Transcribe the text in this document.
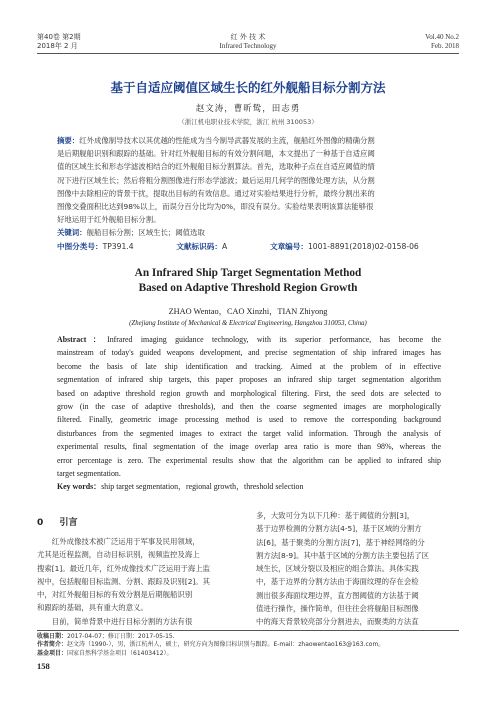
第40卷 第2期
2018年 2 月
红 外 技 术
Infrared Technology
Vol.40 No.2
Feb. 2018
基于自适应阈值区域生长的红外舰船目标分割方法
赵文涛，曹昕鸷，田志勇
（浙江机电职业技术学院，浙江 杭州 310053）
摘要：红外成像制导技术以其优越的性能成为当今制导武器发展的主流，舰船红外图像的精确分割
是后期舰船识别和跟踪的基础。针对红外舰船目标的有效分割问题，本文提出了一种基于自适应阈
值的区域生长和形态学滤波相结合的红外舰船目标分割算法。首先，选取种子点在自适应阈值的情
况下进行区域生长；然后将粗分割图像进行形态学滤波；最后运用几何学的图像处理方法，从分割
图像中去除相应的背景干扰，提取出目标的有效信息。通过对实验结果进行分析，最终分割出来的
图像交叠面积比达到98%以上，而误分百分比均为0%，即没有误分。实验结果表明该算法能够很
好地运用于红外舰船目标分割。
关键词：舰船目标分割；区域生长；阈值选取
中图分类号：TP391.4	文献标识码：A	文章编号：1001-8891(2018)02-0158-06
An Infrared Ship Target Segmentation Method
Based on Adaptive Threshold Region Growth
ZHAO Wentao，CAO Xinzhi，TIAN Zhiyong
(Zhejiang Institute of Mechanical & Electrical Engineering, Hangzhou 310053, China)
Abstract：Infrared imaging guidance technology, with its superior performance, has become the
mainstream of today's guided weapons development, and precise segmentation of ship infrared images has
become the basis of late ship identification and tracking. Aimed at the problem of in effective
segmentation of infrared ship targets, this paper proposes an infrared ship target segmentation algorithm
based on adaptive threshold region growth and morphological filtering. First, the seed dots are selected to
grow (in the case of adaptive thresholds), and then the coarse segmented images are morphologically
filtered. Finally, geometric image processing method is used to remove the corresponding background
disturbances from the segmented images to extract the target valid information. Through the analysis of
experimental results, final segmentation of the image overlap area ratio is more than 98%, whereas the
error percentage is zero. The experimental results show that the algorithm can be applied to infrared ship
target segmentation.
Key words：ship target segmentation，regional growth，threshold selection
0 引言
　　红外成像技术被广泛运用于军事及民用领域，
尤其是近程监测，自动目标识别，视频监控及海上
搜索[1]。最近几年，红外成像技术广泛运用于海上监
视中，包括舰船目标监测、分割、跟踪及识别[2]。其
中，对红外舰船目标的有效分割是后期舰船识别
和跟踪的基础，具有重大的意义。
　　目前，简单背景中进行目标分割的方法有很
多，大致可分为以下几种：基于阈值的分割[3]，
基于边界检测的分割方法[4-5]，基于区域的分割方
法[6]，基于聚类的分割方法[7]，基于神经网络的分
割方法[8-9]。其中基于区域的分割方法主要包括了区
域生长，区域分裂以及相应的组合算法。具体实践
中，基于边界的分割方法由于海面纹理的存在会检
测出很多海面纹理边界，直方图阈值的方法基于阈
值进行操作，操作简单，但往往会将舰船目标图像
中的海天背景较亮部分分割进去，而聚类的方法直
收稿日期：2017-04-07；修订日期：2017-05-15.
作者简介：赵文涛（1990-），男，浙江杭州人，硕士，研究方向为图像目标识别与跟踪。E-mail：zhaowentao163@163.com。
基金项目：国家自然科学基金项目（61403412）。
158
